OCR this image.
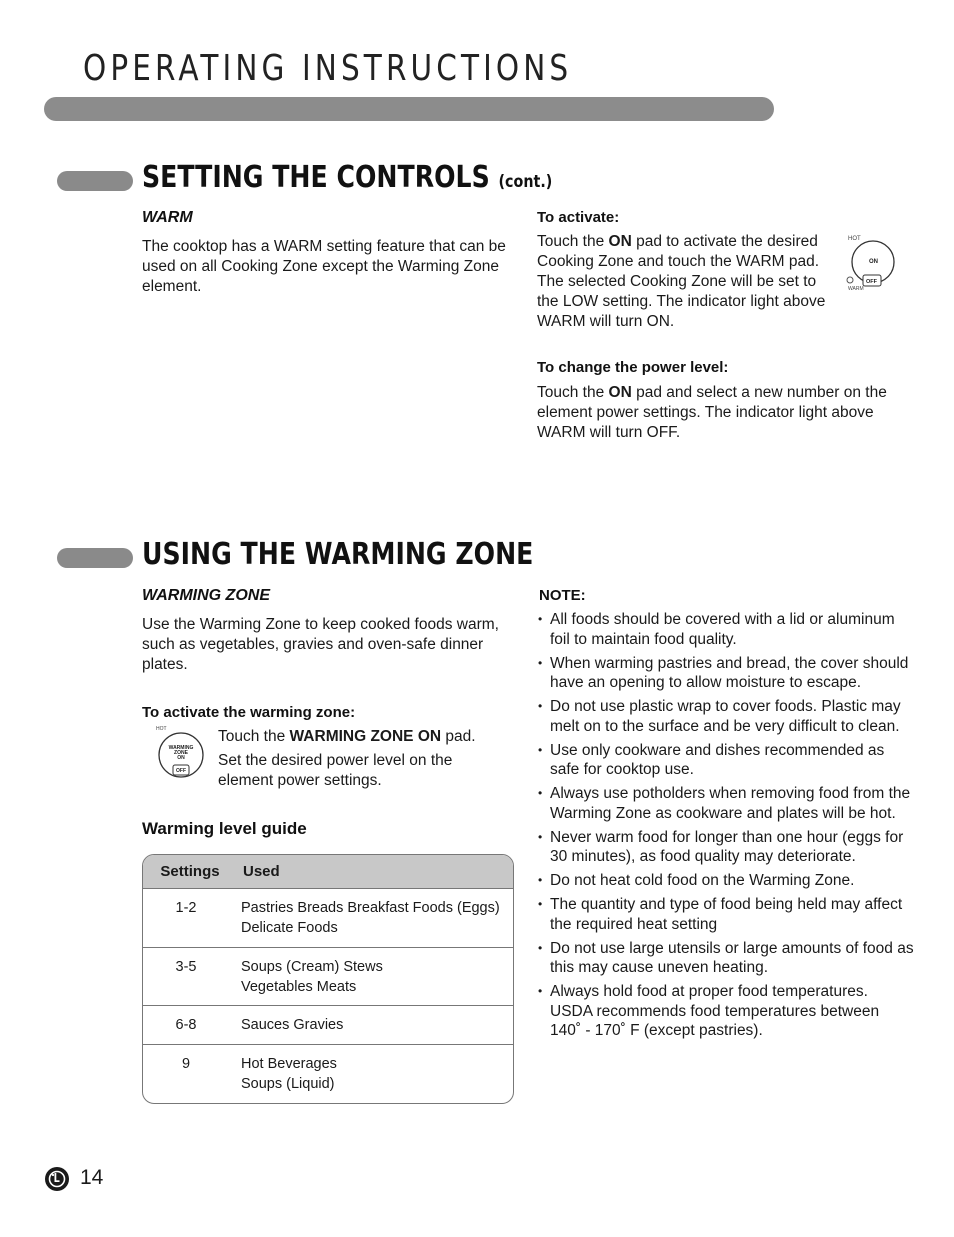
OPERATING INSTRUCTIONS
SETTING THE CONTROLS (cont.)
WARM
The cooktop has a WARM setting feature that can be used on all Cooking Zone except the Warming Zone element.
To activate:
Touch the ON pad to activate the desired Cooking Zone and touch the WARM pad. The selected Cooking Zone will be set to the LOW setting. The indicator light above WARM will turn ON.
HOT
ON
WARM
OFF
To change the power level:
Touch the ON pad and select a new number on the element power settings. The indicator light above WARM will turn OFF.
USING THE WARMING ZONE
WARMING ZONE
Use the Warming Zone to keep cooked foods warm, such as vegetables, gravies and oven-safe dinner plates.
To activate the warming zone:
HOT
WARMING
ZONE
ON
OFF
Touch the WARMING ZONE ON pad.
Set the desired power level on the element power settings.
Warming level guide
Settings	Used
1-2	Pastries Breads Breakfast Foods (Eggs)
Delicate Foods
3-5	Soups (Cream) Stews
Vegetables Meats
6-8	Sauces Gravies
9	Hot Beverages
Soups (Liquid)
NOTE:
• All foods should be covered with a lid or aluminum foil to maintain food quality.
• When warming pastries and bread, the cover should have an opening to allow moisture to escape.
• Do not use plastic wrap to cover foods. Plastic may melt on to the surface and be very difficult to clean.
• Use only cookware and dishes recommended as safe for cooktop use.
• Always use potholders when removing food from the Warming Zone as cookware and plates will be hot.
• Never warm food for longer than one hour (eggs for 30 minutes), as food quality may deteriorate.
• Do not heat cold food on the Warming Zone.
• The quantity and type of food being held may affect the required heat setting
• Do not use large utensils or large amounts of food as this may cause uneven heating.
• Always hold food at proper food temperatures. USDA recommends food temperatures between 140˚ - 170˚ F (except pastries).
14
